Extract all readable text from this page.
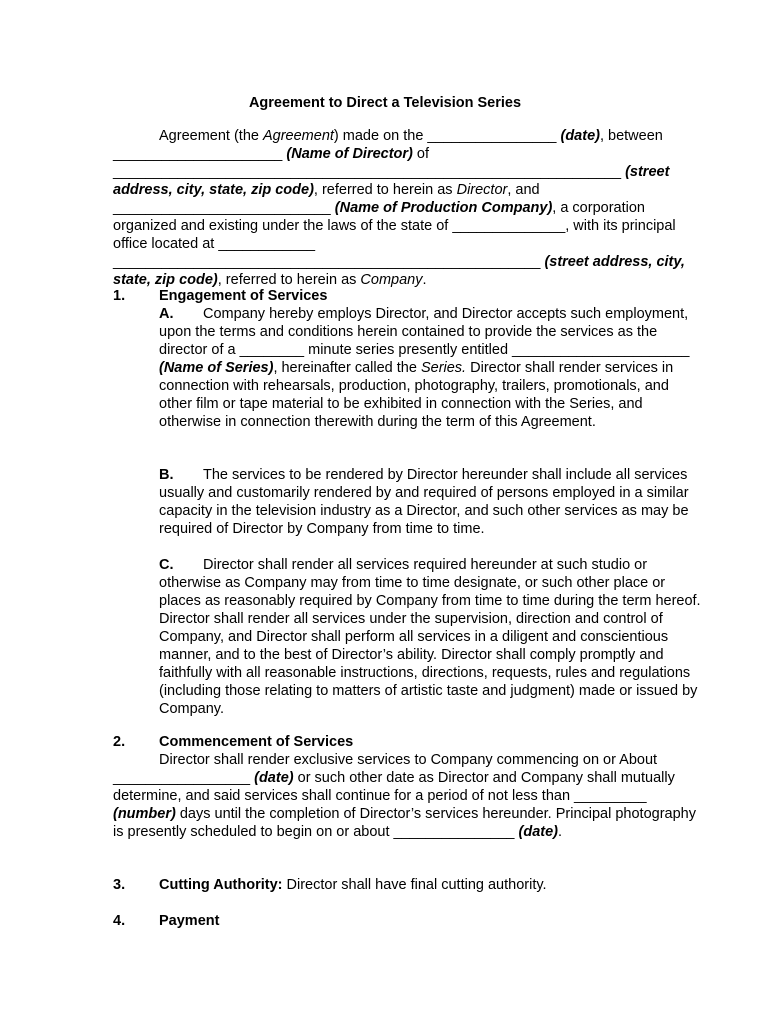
Agreement to Direct a Television Series

Agreement (the Agreement) made on the ________________ (date), between _____________________ (Name of Director) of _______________________________________________________________ (street address, city, state, zip code), referred to herein as Director, and ___________________________ (Name of Production Company), a corporation organized and existing under the laws of the state of ______________, with its principal office located at ____________ _____________________________________________________ (street address, city, state, zip code), referred to herein as Company.

1. Engagement of Services

A. Company hereby employs Director, and Director accepts such employment, upon the terms and conditions herein contained to provide the services as the director of a ________ minute series presently entitled ______________________ (Name of Series), hereinafter called the Series. Director shall render services in connection with rehearsals, production, photography, trailers, promotionals, and other film or tape material to be exhibited in connection with the Series, and otherwise in connection therewith during the term of this Agreement.

B. The services to be rendered by Director hereunder shall include all services usually and customarily rendered by and required of persons employed in a similar capacity in the television industry as a Director, and such other services as may be required of Director by Company from time to time.

C. Director shall render all services required hereunder at such studio or otherwise as Company may from time to time designate, or such other place or places as reasonably required by Company from time to time during the term hereof. Director shall render all services under the supervision, direction and control of Company, and Director shall perform all services in a diligent and conscientious manner, and to the best of Director’s ability. Director shall comply promptly and faithfully with all reasonable instructions, directions, requests, rules and regulations (including those relating to matters of artistic taste and judgment) made or issued by Company.

2. Commencement of Services

Director shall render exclusive services to Company commencing on or About _________________ (date) or such other date as Director and Company shall mutually determine, and said services shall continue for a period of not less than _________ (number) days until the completion of Director’s services hereunder. Principal photography is presently scheduled to begin on or about _______________ (date).

3. Cutting Authority: Director shall have final cutting authority.
4. Payment
